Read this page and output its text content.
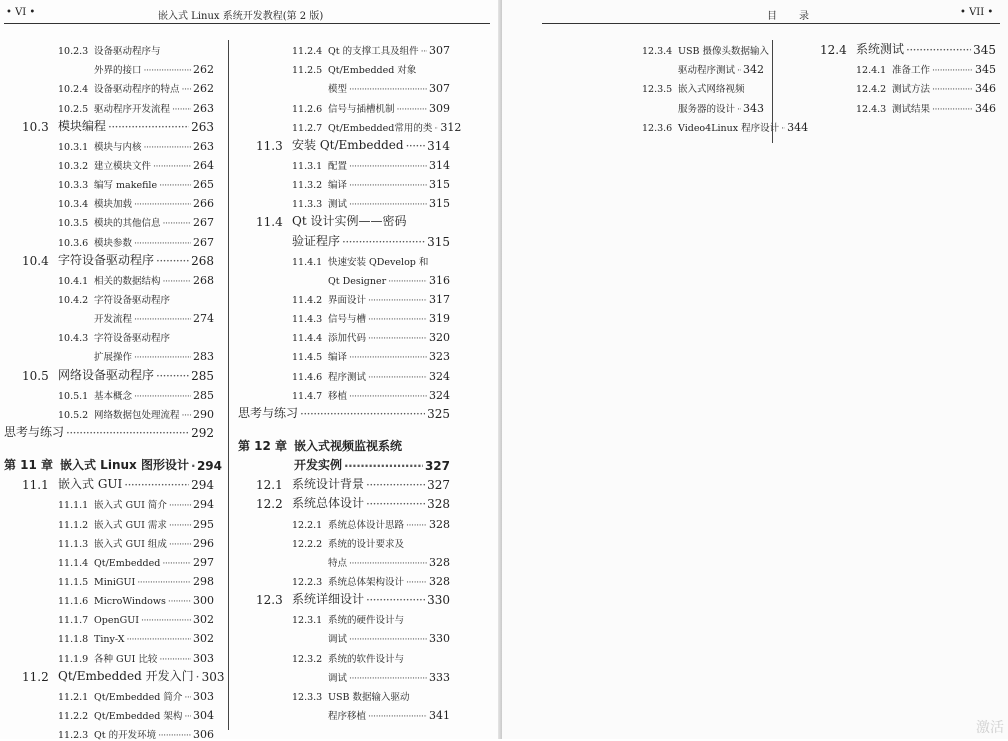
• VI •	嵌入式 Linux 系统开发教程(第 2 版)
10.2.3 设备驱动程序与
外界的接口 ·····	262
10.2.4 设备驱动程序的特点 ····· 262
10.2.5 驱动程序开发流程 ····· 263
10.3 模块编程 ·····	263
10.3.1 模块与内核 ·····	263
10.3.2 建立模块文件 ·····	264
10.3.3 编写 makefile ·····	265
10.3.4 模块加载 ·····	266
10.3.5 模块的其他信息 ·····	267
10.3.6 模块参数 ·····	267
10.4 字符设备驱动程序 ·····	268
10.4.1 相关的数据结构 ·····	268
10.4.2 字符设备驱动程序
开发流程 ·····	274
10.4.3 字符设备驱动程序
扩展操作 ·····	283
10.5 网络设备驱动程序 ·····	285
10.5.1 基本概念 ·····	285
10.5.2 网络数据包处理流程 ····· 290
思考与练习 ·····	292
第 11 章 嵌入式 Linux 图形设计 ····· 294
11.1 嵌入式 GUI ·····	294
11.1.1 嵌入式 GUI 简介 ····· 294
11.1.2 嵌入式 GUI 需求 ····· 295
11.1.3 嵌入式 GUI 组成 ····· 296
11.1.4 Qt/Embedded ·····	297
11.1.5 MiniGUI ·····	298
11.1.6 MicroWindows ····· 300
11.1.7 OpenGUI ·····	302
11.1.8 Tiny-X ·····	302
11.1.9 各种 GUI 比较 ·····	303
11.2 Qt/Embedded 开发入门 ····· 303
11.2.1 Qt/Embedded 简介 ····· 303
11.2.2 Qt/Embedded 架构 ····· 304
11.2.3 Qt 的开发环境 ·····	306
11.2.4 Qt 的支撑工具及组件 ····· 307
11.2.5 Qt/Embedded 对象
模型 ·····	307
11.2.6 信号与插槽机制 ·····	309
11.2.7 Qt/Embedded常用的类 ····· 312
11.3 安装 Qt/Embedded ····· 314
11.3.1 配置 ·····	314
11.3.2 编译 ·····	315
11.3.3 测试 ·····	315
11.4 Qt 设计实例——密码
验证程序 ·····	315
11.4.1 快速安装 QDevelop 和
Qt Designer ·····	316
11.4.2 界面设计 ·····	317
11.4.3 信号与槽 ·····	319
11.4.4 添加代码 ·····	320
11.4.5 编译 ·····	323
11.4.6 程序测试 ·····	324
11.4.7 移植 ·····	324
思考与练习 ·····	325
第 12 章 嵌入式视频监视系统
开发实例 ·····	327
12.1 系统设计背景 ·····	327
12.2 系统总体设计 ·····	328
12.2.1 系统总体设计思路 ····· 328
12.2.2 系统的设计要求及
特点 ·····	328
12.2.3 系统总体架构设计 ····· 328
12.3 系统详细设计 ·····	330
12.3.1 系统的硬件设计与
调试 ·····	330
12.3.2 系统的软件设计与
调试 ·····	333
12.3.3 USB 数据输入驱动
程序移植 ·····	341
目　录	• VII •
12.3.4 USB 摄像头数据输入
驱动程序测试 ····· 342
12.3.5 嵌入式网络视频
服务器的设计 ····· 343
12.3.6 Video4Linux 程序设计 ····· 344
12.4 系统测试 ·····	345
12.4.1 准备工作 ·····	345
12.4.2 测试方法 ·····	346
12.4.3 测试结果 ·····	346
激活
